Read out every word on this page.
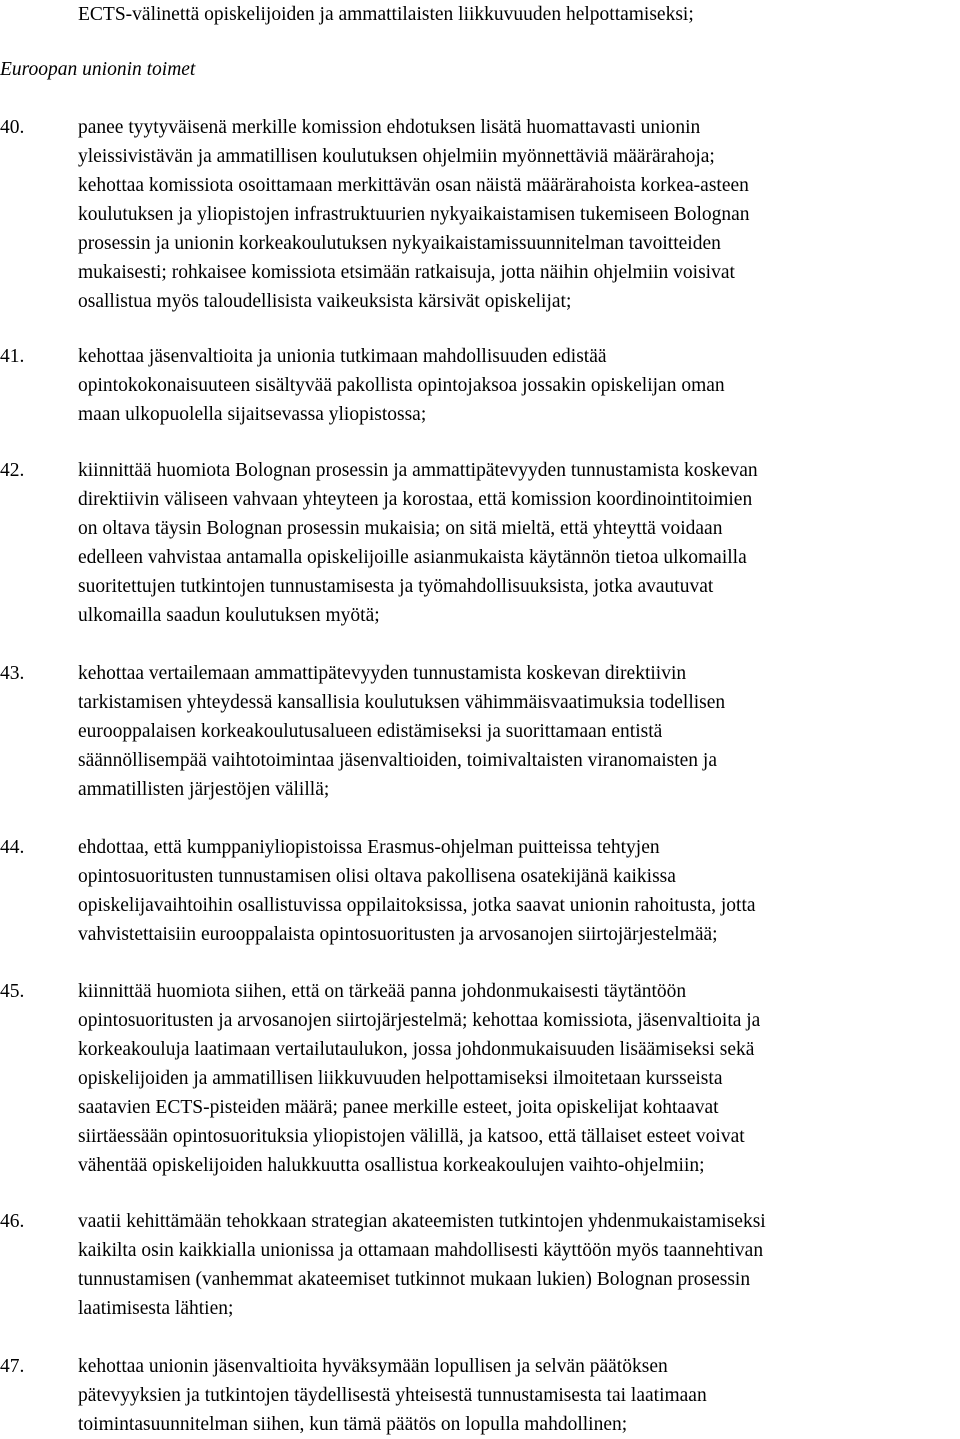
ECTS-välinettä opiskelijoiden ja ammattilaisten liikkuvuuden helpottamiseksi;
Euroopan unionin toimet
40.	panee tyytyväisenä merkille komission ehdotuksen lisätä huomattavasti unionin
yleissivistävän ja ammatillisen koulutuksen ohjelmiin myönnettäviä määrärahoja;
kehottaa komissiota osoittamaan merkittävän osan näistä määrärahoista korkea-asteen
koulutuksen ja yliopistojen infrastruktuurien nykyaikaistamisen tukemiseen Bolognan
prosessin ja unionin korkeakoulutuksen nykyaikaistamissuunnitelman tavoitteiden
mukaisesti; rohkaisee komissiota etsimään ratkaisuja, jotta näihin ohjelmiin voisivat
osallistua myös taloudellisista vaikeuksista kärsivät opiskelijat;
41.	kehottaa jäsenvaltioita ja unionia tutkimaan mahdollisuuden edistää
opintokokonaisuuteen sisältyvää pakollista opintojaksoa jossakin opiskelijan oman
maan ulkopuolella sijaitsevassa yliopistossa;
42.	kiinnittää huomiota Bolognan prosessin ja ammattipätevyyden tunnustamista koskevan
direktiivin väliseen vahvaan yhteyteen ja korostaa, että komission koordinointitoimien
on oltava täysin Bolognan prosessin mukaisia; on sitä mieltä, että yhteyttä voidaan
edelleen vahvistaa antamalla opiskelijoille asianmukaista käytännön tietoa ulkomailla
suoritettujen tutkintojen tunnustamisesta ja työmahdollisuuksista, jotka avautuvat
ulkomailla saadun koulutuksen myötä;
43.	kehottaa vertailemaan ammattipätevyyden tunnustamista koskevan direktiivin
tarkistamisen yhteydessä kansallisia koulutuksen vähimmäisvaatimuksia todellisen
eurooppalaisen korkeakoulutusalueen edistämiseksi ja suorittamaan entistä
säännöllisempää vaihtotoimintaa jäsenvaltioiden, toimivaltaisten viranomaisten ja
ammatillisten järjestöjen välillä;
44.	ehdottaa, että kumppaniyliopistoissa Erasmus-ohjelman puitteissa tehtyjen
opintosuoritusten tunnustamisen olisi oltava pakollisena osatekijänä kaikissa
opiskelijavaihtoihin osallistuvissa oppilaitoksissa, jotka saavat unionin rahoitusta, jotta
vahvistettaisiin eurooppalaista opintosuoritusten ja arvosanojen siirtojärjestelmää;
45.	kiinnittää huomiota siihen, että on tärkeää panna johdonmukaisesti täytäntöön
opintosuoritusten ja arvosanojen siirtojärjestelmä; kehottaa komissiota, jäsenvaltioita ja
korkeakouluja laatimaan vertailutaulukon, jossa johdonmukaisuuden lisäämiseksi sekä
opiskelijoiden ja ammatillisen liikkuvuuden helpottamiseksi ilmoitetaan kursseista
saatavien ECTS-pisteiden määrä; panee merkille esteet, joita opiskelijat kohtaavat
siirtäessään opintosuorituksia yliopistojen välillä, ja katsoo, että tällaiset esteet voivat
vähentää opiskelijoiden halukkuutta osallistua korkeakoulujen vaihto-ohjelmiin;
46.	vaatii kehittämään tehokkaan strategian akateemisten tutkintojen yhdenmukaistamiseksi
kaikilta osin kaikkialla unionissa ja ottamaan mahdollisesti käyttöön myös taannehtivan
tunnustamisen (vanhemmat akateemiset tutkinnot mukaan lukien) Bolognan prosessin
laatimisesta lähtien;
47.	kehottaa unionin jäsenvaltioita hyväksymään lopullisen ja selvän päätöksen
pätevyyksien ja tutkintojen täydellisestä yhteisestä tunnustamisesta tai laatimaan
toimintasuunnitelman siihen, kun tämä päätös on lopulla mahdollinen;
